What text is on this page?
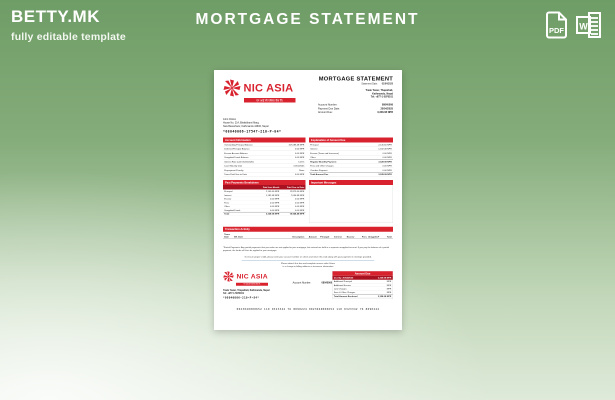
BETTY.MK
fully editable template
MORTGAGE STATEMENT
PDF W
NIC ASIA
एन आई सी एशिया बैंक लि.
MORTGAGE STATEMENT
Statement Date: 01/04/2025
Trade Tower, Thapathali,
Kathmandu, Nepal
Tel: +977-1-5970101
Account Number:	08040006
Payment Due Date:	20/04/2025
Amount Due:	3,328.08 NPR
John Citizen
House No. 214, Bhaktithami Marg,
New Baneshwor, Kathmandu 44600, Nepal
*08040006-17547-210-P-84*
Account Information
Outstanding Principal Balance	107,089.48 NPR
Deferred Principal Balance	0.00 NPR
Escrow Account Balance	0.00 NPR
Unapplied Funds Balance	0.00 NPR
Interest Rate (until 01/01/2026)	5.25%
Loan Maturity Date	01/01/2045
Prepayment Penalty	None
Taxes Paid Year to Date	0.00 NPR
Explanation of Amount Due
Principal	2,145.60 NPR
Interest	1,182.48 NPR
Escrow (Taxes and Insurance)	0.00 NPR
Other	0.00 NPR
Regular Monthly Payment	3,328.08 NPR
Fees and Other Charges	0.00 NPR
Overdue Payment	0.00 NPR
Total Amount Due	3,328.08 NPR
Past Payments Breakdown
Paid Last Month Paid Year to Date
Principal	2,145.60 NPR	12,873.60 NPR
Interest	1,182.48 NPR	7,094.88 NPR
Escrow	0.00 NPR	0.00 NPR
Fees	0.00 NPR	0.00 NPR
Other	0.00 NPR	0.00 NPR
Unapplied Funds	0.00 NPR	0.00 NPR
Total	3,328.08 NPR	19,968.48 NPR
Important Messages
Transaction Activity
Trans Date Eff. Date	Description Amount Principal Interest Escrow Fees Unapplied* Total
*Partial Payments: Any partial payments that you make are not applied to your mortgage, but instead are held in a separate unapplied account. If you pay the balance of a partial payment, the funds will then be applied to your mortgage.
To ensure proper credit, please write your account number on check and return this stub along with your payment in envelope provided.
Please detach this box and complete reverse side if there
is a change in billing address or insurance information
NIC ASIA
एन आई सी एशिया बैंक लि.
Trade Tower, Thapathali, Kathmandu, Nepal
Tel: +977-1-5970101
*08040006-210-P-84*
Account Number: 08040006
Amount Due
Due By: 20/04/2025	3,328.08 NPR
Additional Principal	NPR
Additional Escrow	NPR
Late Charges	NPR
Fees & Other Charges	NPR
Total Amount Enclosed 3,328.08 NPR
0023040000652 110 0323342 76 8090224 0023040000652 110 0323342 76 8090224
